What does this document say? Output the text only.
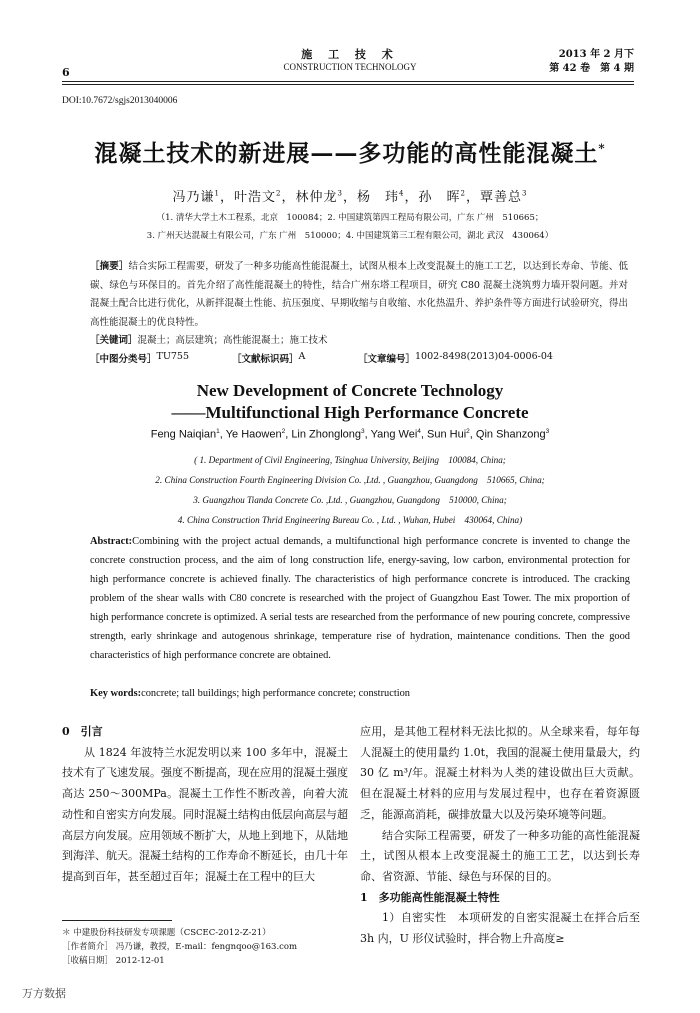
6
施 工 技 术
CONSTRUCTION TECHNOLOGY
2013 年 2 月下
第 42 卷　第 4 期
DOI:10.7672/sgjs2013040006
混凝土技术的新进展——多功能的高性能混凝土*
冯乃谦$^1$，叶浩文$^2$，林仲龙$^3$，杨　玮$^4$，孙　晖$^2$，覃善总$^3$
（1. 清华大学土木工程系，北京　100084；2. 中国建筑第四工程局有限公司，广东 广州　510665；
3. 广州天达混凝土有限公司，广东 广州　510000；4. 中国建筑第三工程有限公司，湖北 武汉　430064）
［摘要］结合实际工程需要，研发了一种多功能高性能混凝土，试图从根本上改变混凝土的施工工艺，以达到长寿命、节能、低碳、绿色与环保目的。首先介绍了高性能混凝土的特性，结合广州东塔工程项目，研究 C80 混凝土浇筑剪力墙开裂问题。并对混凝土配合比进行优化，从新拌混凝土性能、抗压强度、早期收缩与自收缩、水化热温升、养护条件等方面进行试验研究，得出高性能混凝土的优良特性。
［关键词］混凝土；高层建筑；高性能混凝土；施工技术
［中图分类号］ TU755	［文献标识码］ A	［文章编号］ 1002-8498(2013)04-0006-04
New Development of Concrete Technology
——Multifunctional High Performance Concrete
Feng Naiqian$^1$, Ye Haowen$^2$, Lin Zhonglong$^3$, Yang Wei$^4$, Sun Hui$^2$, Qin Shanzong$^3$
( 1. Department of Civil Engineering, Tsinghua University, Beijing　100084, China;
2. China Construction Fourth Engineering Division Co. ,Ltd. , Guangzhou, Guangdong　510665, China;
3. Guangzhou Tianda Concrete Co. ,Ltd. , Guangzhou, Guangdong　510000, China;
4. China Construction Thrid Engineering Bureau Co. , Ltd. , Wuhan, Hubei　430064, China)
Abstract:Combining with the project actual demands, a multifunctional high performance concrete is invented to change the concrete construction process, and the aim of long construction life, energy-saving, low carbon, environmental protection for high performance concrete is achieved finally. The characteristics of high performance concrete is introduced. The cracking problem of the shear walls with C80 concrete is researched with the project of Guangzhou East Tower. The mix proportion of high performance concrete is optimized. A serial tests are researched from the performance of new pouring concrete, compressive strength, early shrinkage and autogenous shrinkage, temperature rise of hydration, maintenance conditions. Then the good characteristics of high performance concrete are obtained.
Key words:concrete; tall buildings; high performance concrete; construction
0　引言
从 1824 年波特兰水泥发明以来 100 多年中，混凝土技术有了飞速发展。强度不断提高，现在应用的混凝土强度高达 250～300MPa。混凝土工作性不断改善，向着大流动性和自密实方向发展。同时混凝土结构由低层向高层与超高层方向发展。应用领域不断扩大，从地上到地下，从陆地到海洋、航天。混凝土结构的工作寿命不断延长，由几十年提高到百年，甚至超过百年；混凝土在工程中的巨大
应用，是其他工程材料无法比拟的。从全球来看，每年每人混凝土的使用量约 1.0t，我国的混凝土使用量最大，约 30 亿 m³/年。混凝土材料为人类的建设做出巨大贡献。但在混凝土材料的应用与发展过程中，也存在着资源匮乏，能源高消耗，碳排放量大以及污染环境等问题。
结合实际工程需要，研发了一种多功能的高性能混凝土，试图从根本上改变混凝土的施工工艺，以达到长寿命、省资源、节能、绿色与环保的目的。
1　多功能高性能混凝土特性
1）自密实性　本项研发的自密实混凝土在拌合后至 3h 内，U 形仪试验时，拌合物上升高度≥
＊ 中建股份科技研发专项课题（CSCEC-2012-Z-21）
［作者简介］ 冯乃谦，教授，E-mail：fengnqoo@163.com
［收稿日期］ 2012-12-01
万方数据
